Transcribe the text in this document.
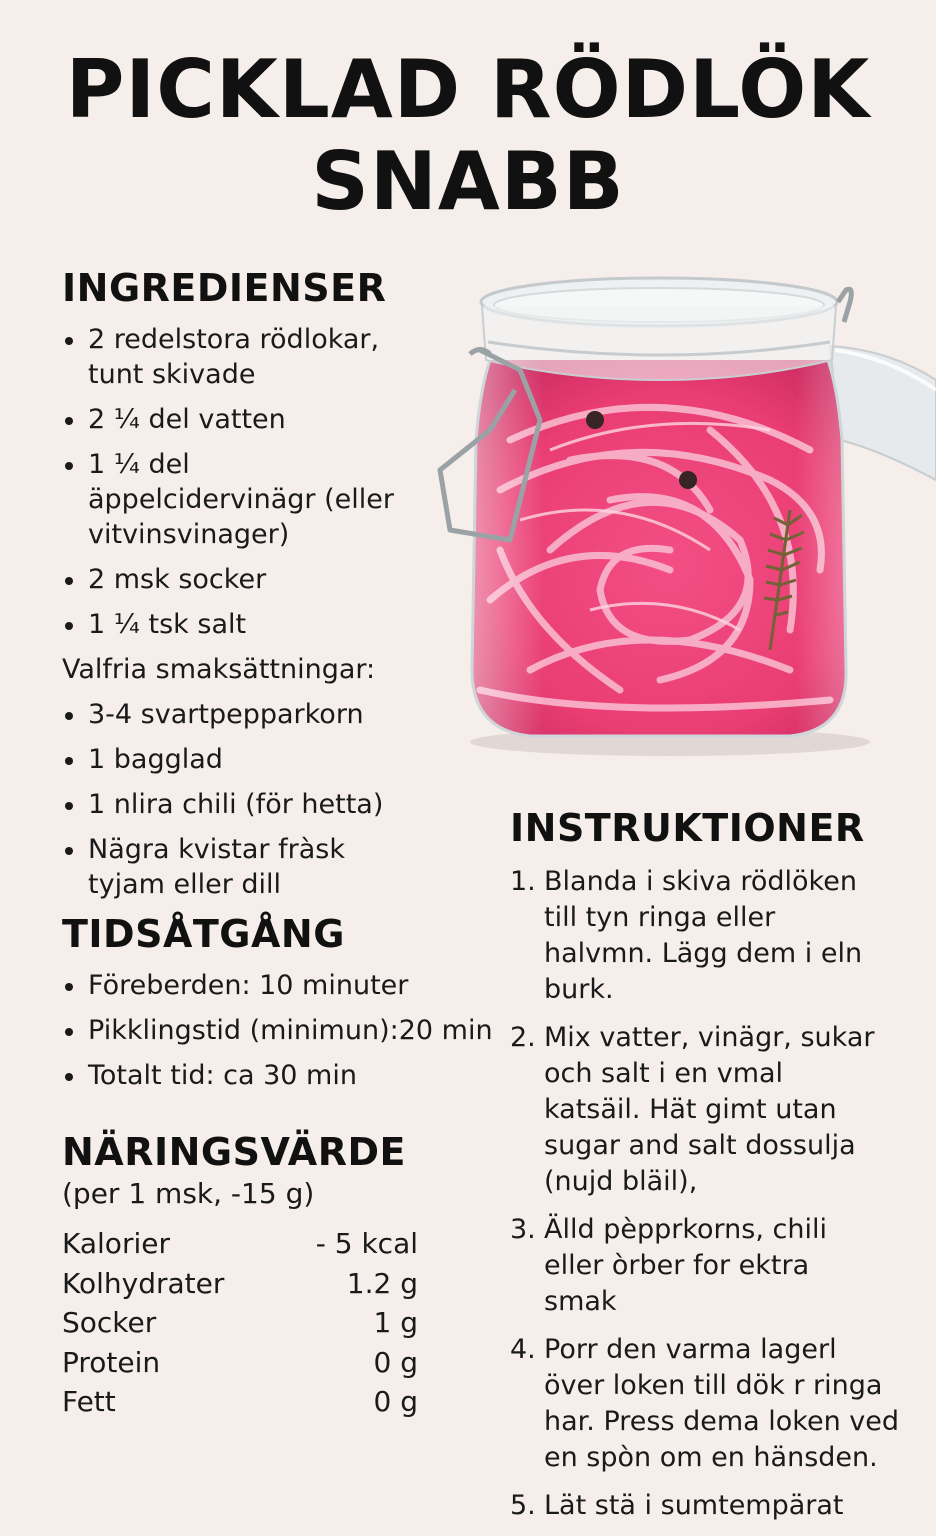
PICKLAD RÖDLÖK
SNABB
INGREDIENSER
2 redelstora rödlokar, tunt skivade
2 ¼ del vatten
1 ¼ del äppelcidervinägr (eller vitvinsvinager)
2 msk socker
1 ¼ tsk salt
Valfria smaksättningar:
3-4 svartpepparkorn
1 bagglad
1 nlira chili (för hetta)
Nägra kvistar fràsk tyjam eller dill
TIDSÅTGÅNG
Föreberden: 10 minuter
Pikklingstid (minimun):20 min
Totalt tid: ca 30 min
NÄRINGSVÄRDE
(per 1 msk, -15 g)
Kalorier	- 5 kcal
Kolhydrater	1.2 g
Socker	1 g
Protein	0 g
Fett	0 g
INSTRUKTIONER
1. Blanda i skiva rödlöken till tyn ringa eller halvmn. Lägg dem i eln burk.
2. Mix vatter, vinägr, sukar och salt i en vmal katsäil. Hät gimt utan sugar and salt dossulja (nujd bläil),
3. Älld pèpprkorns, chili eller òrber for ektra smak
4. Porr den varma lagerl över loken till dök r ringa har. Press dema loken ved en spòn om en hänsden.
5. Lät stä i sumtempärat
